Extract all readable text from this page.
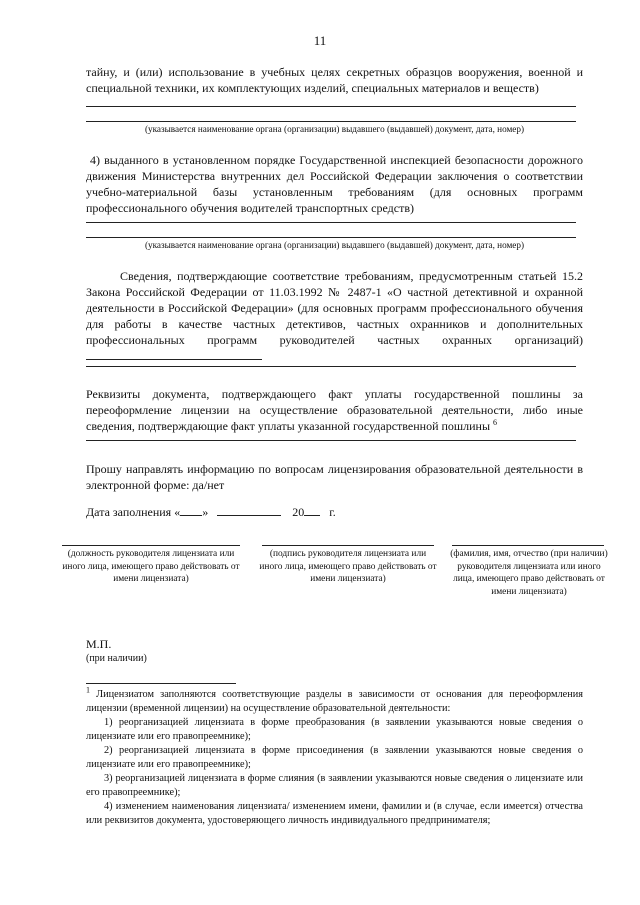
11
тайну, и (или) использование в учебных целях секретных образцов вооружения, военной и специальной техники, их комплектующих изделий, специальных материалов и веществ)
(указывается наименование органа (организации) выдавшего (выдавшей) документ, дата, номер)
4) выданного в установленном порядке Государственной инспекцией безопасности дорожного движения Министерства внутренних дел Российской Федерации заключения о соответствии учебно-материальной базы установленным требованиям (для основных программ профессионального обучения водителей транспортных средств)
(указывается наименование органа (организации) выдавшего (выдавшей) документ, дата, номер)
Сведения, подтверждающие соответствие требованиям, предусмотренным статьей 15.2 Закона Российской Федерации от 11.03.1992 № 2487-1 «О частной детективной и охранной деятельности в Российской Федерации» (для основных программ профессионального обучения для работы в качестве частных детективов, частных охранников и дополнительных профессиональных программ руководителей частных охранных организаций)
Реквизиты документа, подтверждающего факт уплаты государственной пошлины за переоформление лицензии на осуществление образовательной деятельности, либо иные сведения, подтверждающие факт уплаты указанной государственной пошлины $^6$
Прошу направлять информацию по вопросам лицензирования образовательной деятельности в электронной форме: да/нет
Дата заполнения « »	20 г.
(должность руководителя лицензиата или иного лица, имеющего право действовать от имени лицензиата)
(подпись руководителя лицензиата или иного лица, имеющего право действовать от имени лицензиата)
(фамилия, имя, отчество (при наличии) руководителя лицензиата или иного лица, имеющего право действовать от имени лицензиата)
М.П.
(при наличии)
$^1$ Лицензиатом заполняются соответствующие разделы в зависимости от основания для переоформления лицензии (временной лицензии) на осуществление образовательной деятельности:
1) реорганизацией лицензиата в форме преобразования (в заявлении указываются новые сведения о лицензиате или его правопреемнике);
2) реорганизацией лицензиата в форме присоединения (в заявлении указываются новые сведения о лицензиате или его правопреемнике);
3) реорганизацией лицензиата в форме слияния (в заявлении указываются новые сведения о лицензиате или его правопреемнике);
4) изменением наименования лицензиата/ изменением имени, фамилии и (в случае, если имеется) отчества или реквизитов документа, удостоверяющего личность индивидуального предпринимателя;
